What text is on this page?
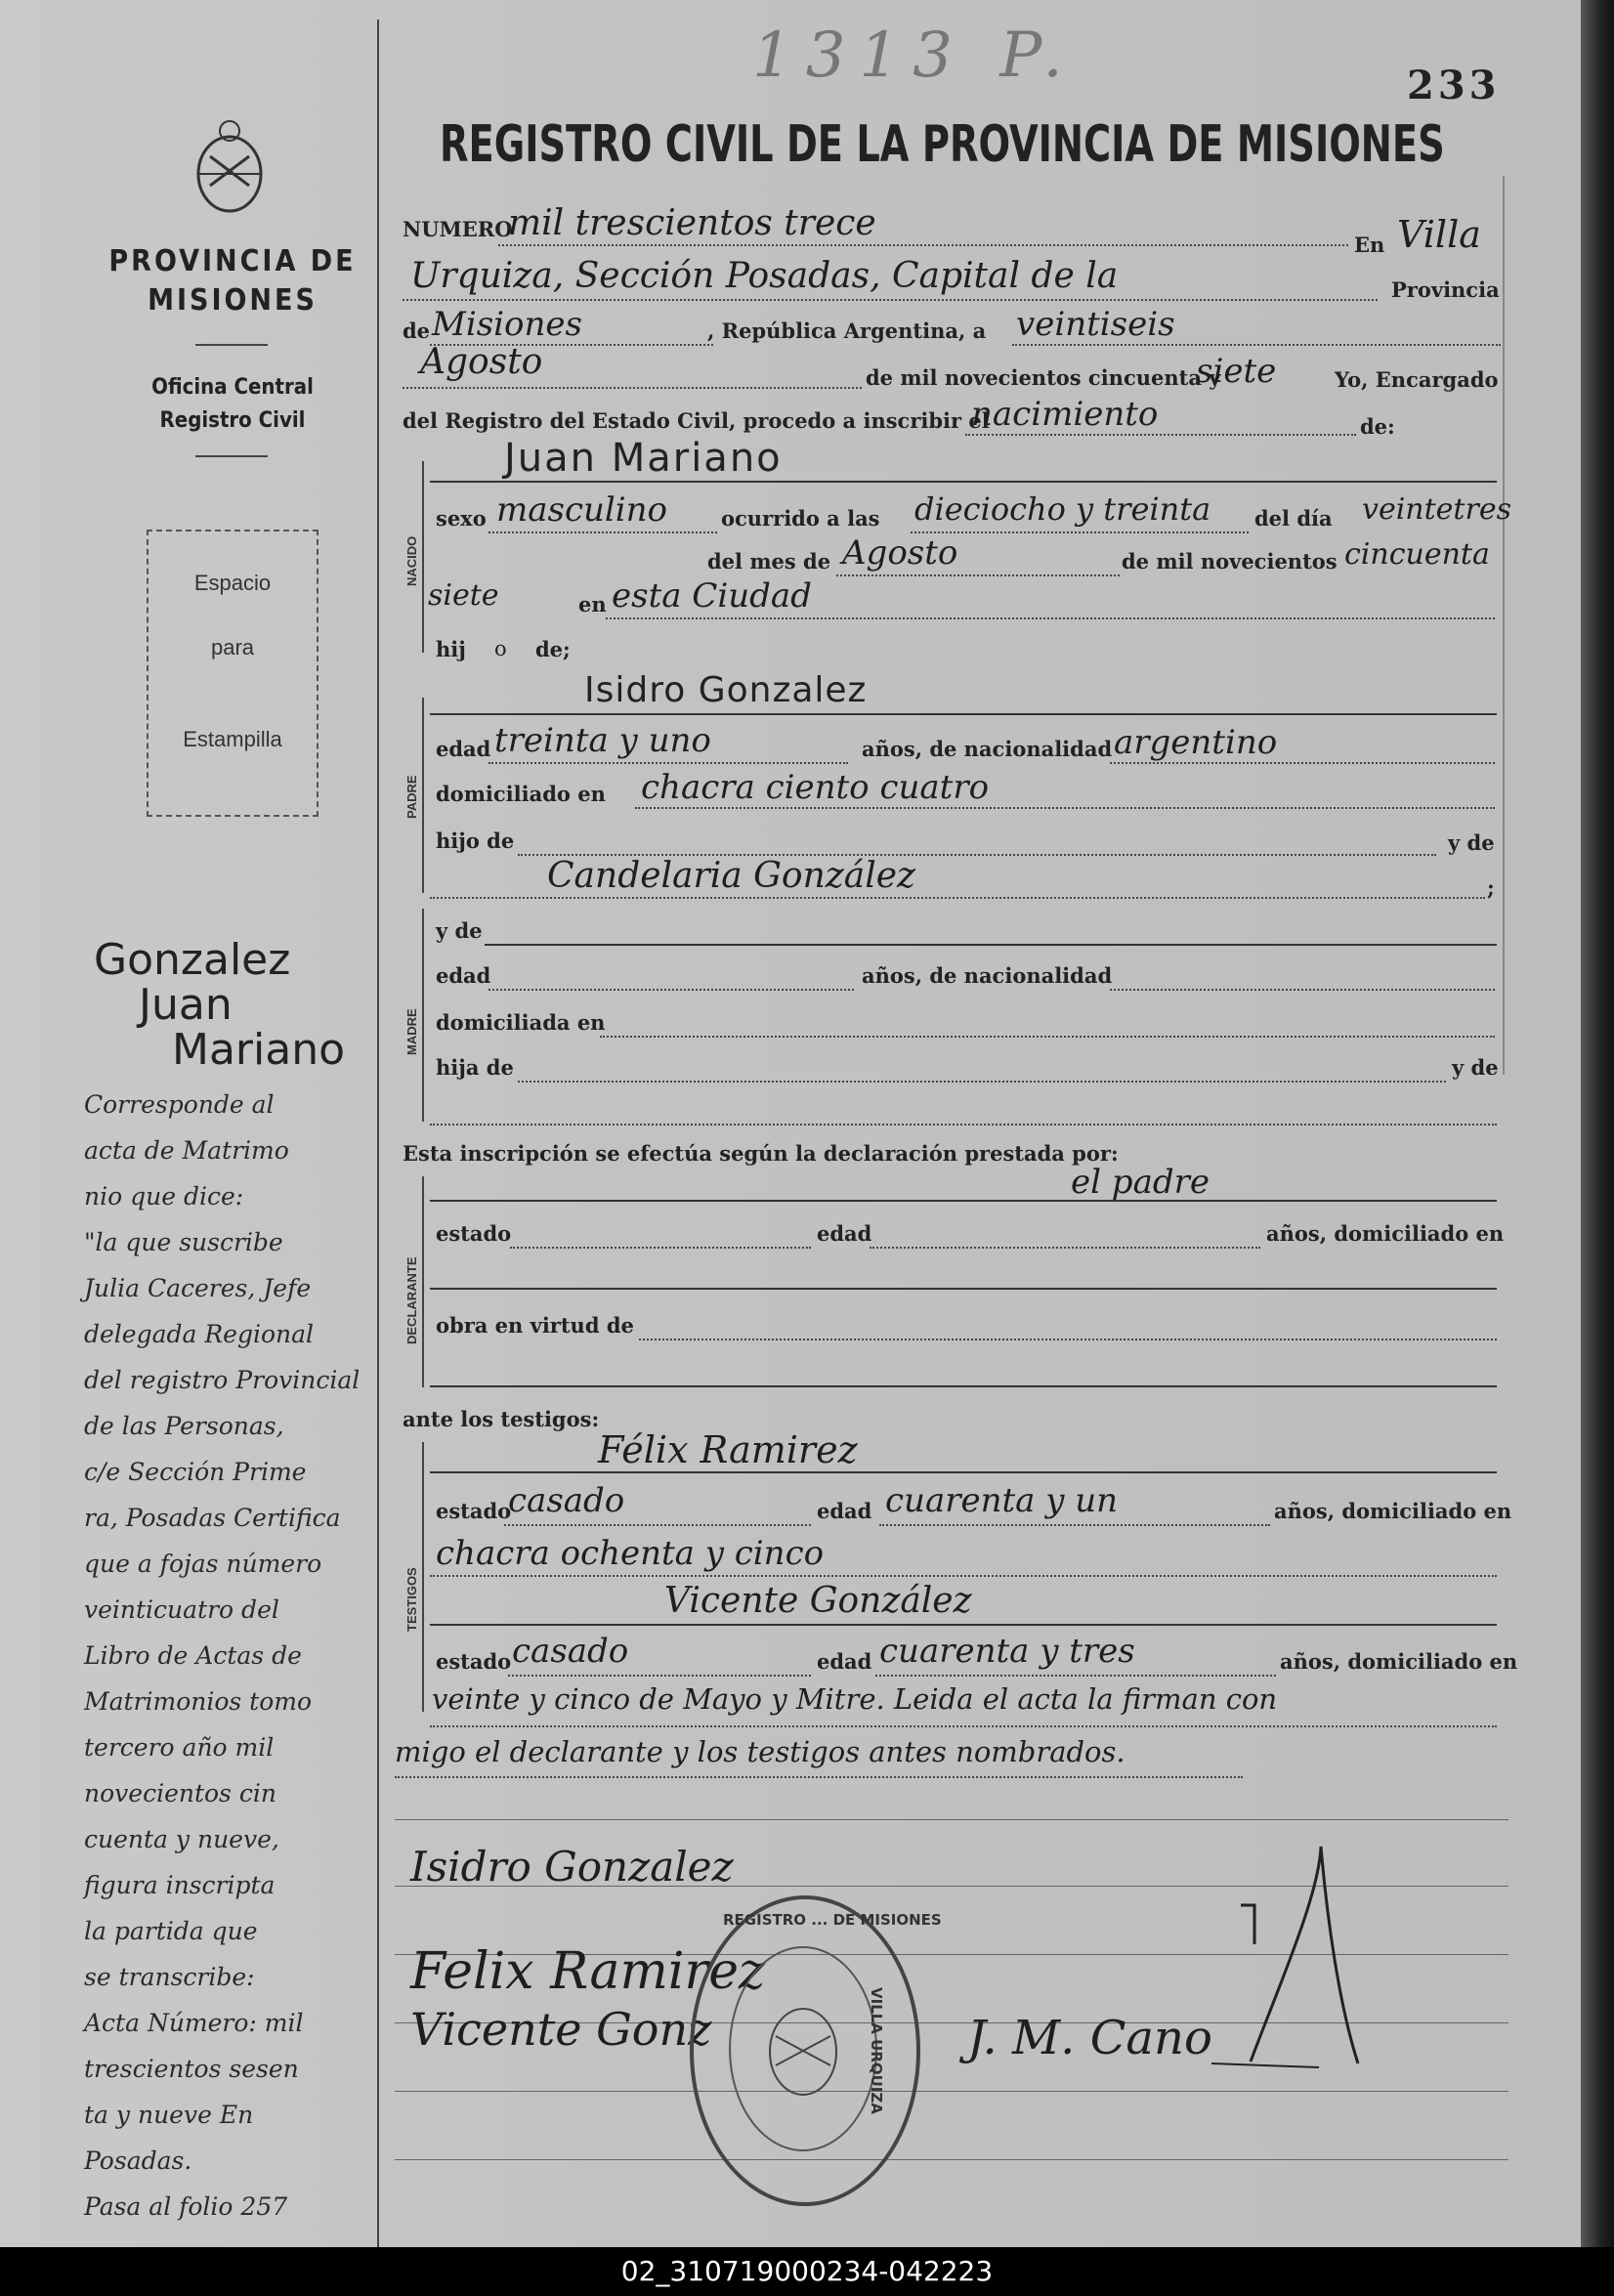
1313 P.	233
REGISTRO CIVIL DE LA PROVINCIA DE MISIONES
PROVINCIA DE
MISIONES
Oficina Central
Registro Civil
Espacio
para
Estampilla
Gonzalez
Juan
Mariano
Corresponde al
acta de Matrimo
nio que dice:
"la que suscribe
Julia Caceres, Jefe
delegada Regional
del registro Provincial
de las Personas,
c/e Sección Prime
ra, Posadas Certifica
que a fojas número
veinticuatro del
Libro de Actas de
Matrimonios tomo
tercero año mil
novecientos cin
cuenta y nueve,
figura inscripta
la partida que
se transcribe:
Acta Número: mil
trescientos sesen
ta y nueve En
Posadas.
Pasa al folio 257
NUMERO
mil trescientos trece
En Villa
Urquiza, Sección Posadas, Capital de la	Provincia
de Misiones	, República Argentina, a veintiseis
Agosto	de mil novecientos cincuenta y
siete	Yo, Encargado
del Registro del Estado Civil, procedo a inscribir el
nacimiento	de:
NACIDO
Juan Mariano
sexo masculino	ocurrido a las dieciocho y treinta del día veintetres
del mes de Agosto	de mil novecientos cincuenta
siete	en esta Ciudad
hij o de;
PADRE
Isidro Gonzalez
edad treinta y uno	años, de nacionalidad argentino
domiciliado en chacra ciento cuatro
hijo de	y de
Candelaria González	;
MADRE
y de
edad	años, de nacionalidad
domiciliada en
hija de	y de
Esta inscripción se efectúa según la declaración prestada por:
el padre
DECLARANTE
estado	edad	años, domiciliado en
obra en virtud de
ante los testigos:
TESTIGOS
Félix Ramirez
estado
casado	edad cuarenta y un	años, domiciliado en
chacra ochenta y cinco
Vicente González
estado casado	edad cuarenta y tres	años, domiciliado en
veinte y cinco de Mayo y Mitre. Leida el acta la firman con
migo el declarante y los testigos antes nombrados.
Isidro Gonzalez
Felix Ramirez
Vicente Gonz	J. M. Cano
REGISTRO ... DE MISIONES
VILLA URQUIZA
02_310719000234-042223
